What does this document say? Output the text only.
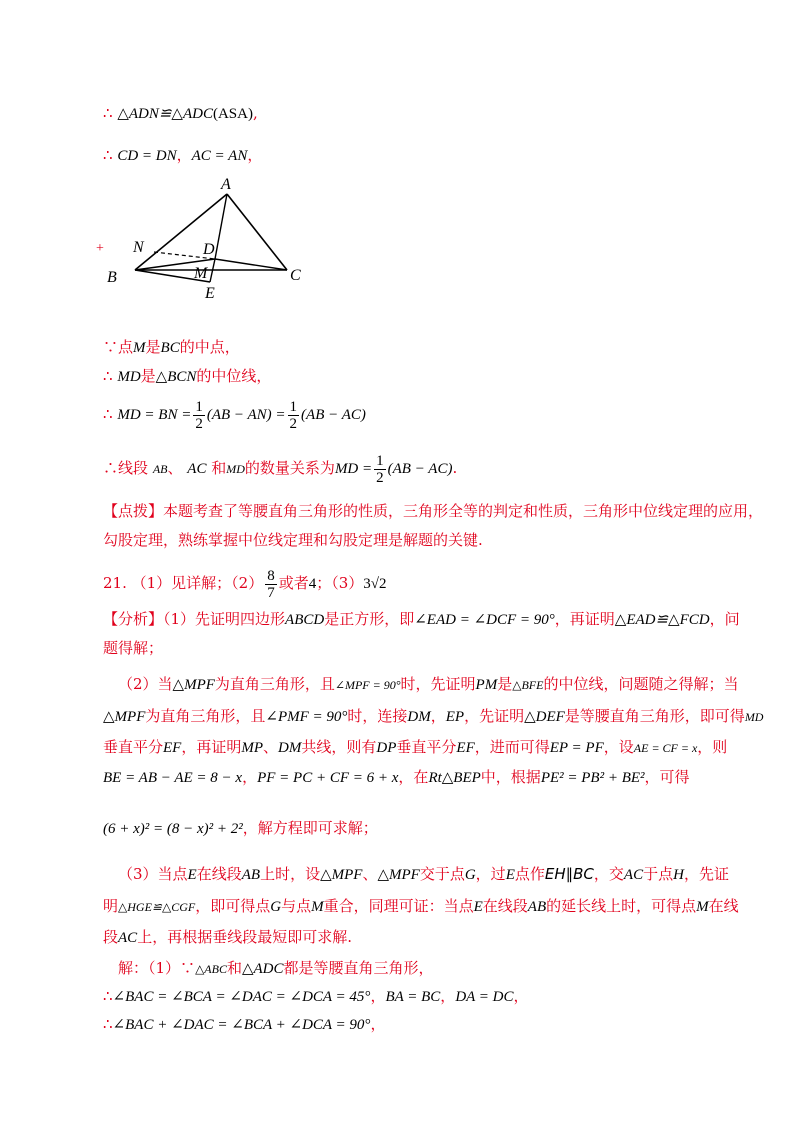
∴ △ADN≌△ADC(ASA),
∴ CD = DN，AC = AN，
+
A
N	D
B	M	C
E
∵点M是BC的中点，
∴ MD是△BCN的中位线，
∴ MD = BN = $\frac{1}{2} (AB - AN) = \frac{1}{2} (AB - AC)$
∴线段 AB、 AC 和MD的数量关系为MD = $\frac{1}{2} (AB - AC)$.
【点拨】本题考查了等腰直角三角形的性质，三角形全等的判定和性质，三角形中位线定理的应用，
勾股定理，熟练掌握中位线定理和勾股定理是解题的关键.
21. （1）见详解；$(2) \frac{8}{7}$ 或者4；（3）3√2
【分析】（1）先证明四边形ABCD是正方形，即∠EAD = ∠DCF = 90°，再证明△EAD≌△FCD，问
题得解；
（2）当△MPF为直角三角形，且∠MPF = 90°时，先证明PM是△BFE的中位线，问题随之得解；当
△MPF为直角三角形，且∠PMF = 90°时，连接DM，EP，先证明△DEF是等腰直角三角形，即可得MD
垂直平分EF，再证明MP、DM共线，则有DP垂直平分EF，进而可得EP = PF，设AE = CF = x，则
BE = AB − AE = 8 − x，PF = PC + CF = 6 + x，在Rt△BEP中，根据PE² = PB² + BE²，可得
(6 + x)² = (8 − x)² + 2²，解方程即可求解；
（3）当点E在线段AB上时，设△MPF、△MPF交于点G，过E点作EH∥BC，交AC于点H，先证
明△HGE≌△CGF，即可得点G与点M重合，同理可证：当点E在线段AB的延长线上时，可得点M在线
段AC上，再根据垂线段最短即可求解.
解：（1）∵△ABC和△ADC都是等腰直角三角形，
∴∠BAC = ∠BCA = ∠DAC = ∠DCA = 45°，BA = BC，DA = DC，
∴∠BAC + ∠DAC = ∠BCA + ∠DCA = 90°，
